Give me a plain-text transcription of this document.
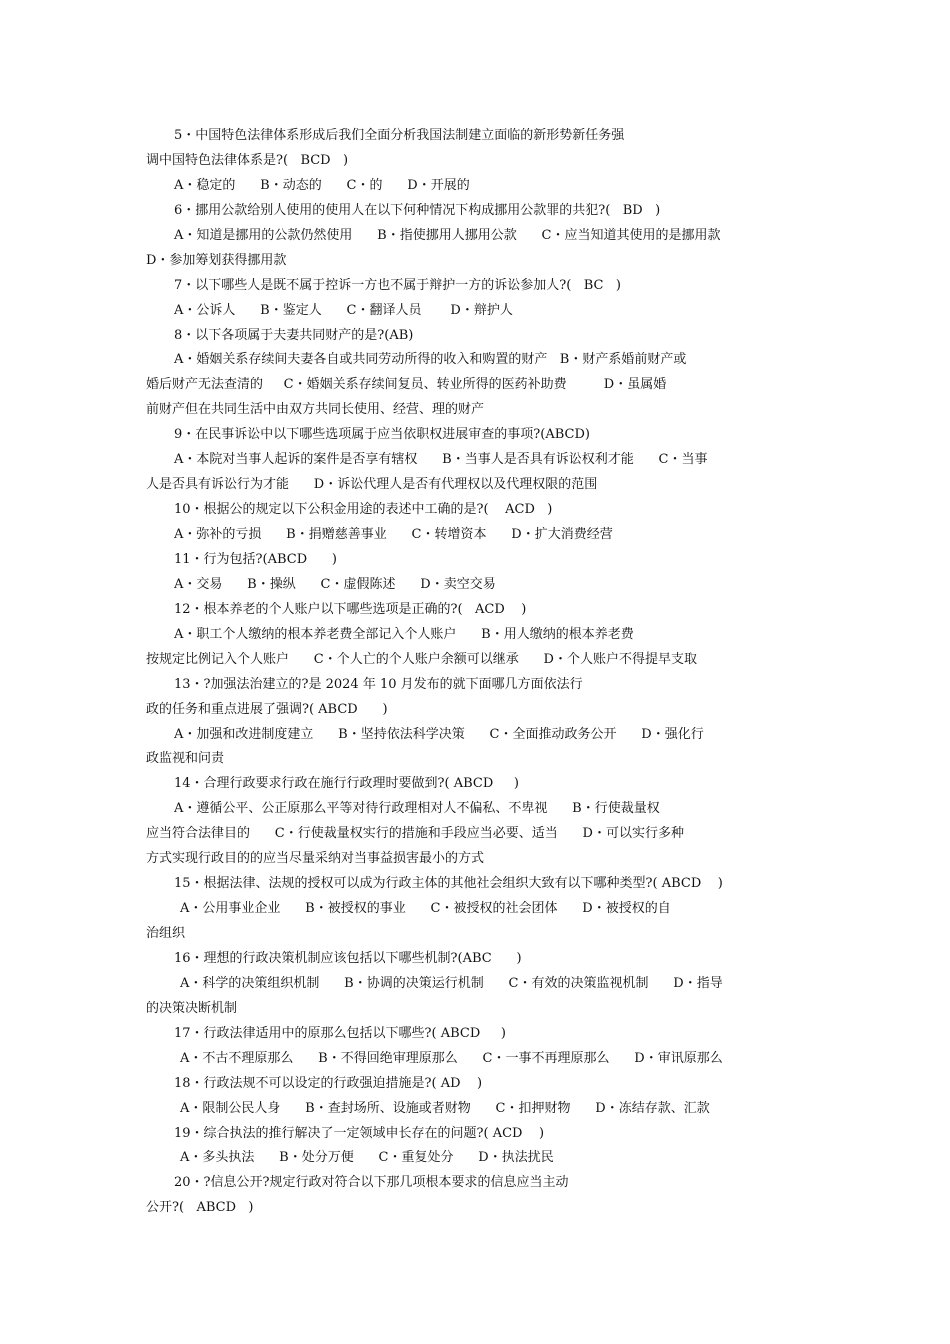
5・中国特色法律体系形成后我们全面分析我国法制建立面临的新形势新任务强
调中国特色法律体系是?(   BCD   )
A・稳定的      B・动态的      C・的      D・开展的
6・挪用公款给别人使用的使用人在以下何种情况下构成挪用公款罪的共犯?(   BD   )
A・知道是挪用的公款仍然使用      B・指使挪用人挪用公款      C・应当知道其使用的是挪用款
D・参加筹划获得挪用款
7・以下哪些人是既不属于控诉一方也不属于辩护一方的诉讼参加人?(   BC   )
A・公诉人      B・鉴定人      C・翻译人员       D・辩护人
8・以下各项属于夫妻共同财产的是?(AB)
A・婚姻关系存续间夫妻各自或共同劳动所得的收入和购置的财产   B・财产系婚前财产或
婚后财产无法查清的     C・婚姻关系存续间复员、转业所得的医药补助费         D・虽属婚
前财产但在共同生活中由双方共同长使用、经营、理的财产
9・在民事诉讼中以下哪些选项属于应当依职权进展审查的事项?(ABCD)
A・本院对当事人起诉的案件是否享有辖权      B・当事人是否具有诉讼权利才能      C・当事
人是否具有诉讼行为才能      D・诉讼代理人是否有代理权以及代理权限的范围
10・根据公的规定以下公积金用途的表述中工确的是?(    ACD   )
A・弥补的亏损      B・捐赠慈善事业      C・转增资本      D・扩大消费经营
11・行为包括?(ABCD      )
A・交易      B・操纵      C・虚假陈述      D・卖空交易
12・根本养老的个人账户以下哪些选项是正确的?(   ACD    )
A・职工个人缴纳的根本养老费全部记入个人账户      B・用人缴纳的根本养老费
按规定比例记入个人账户      C・个人亡的个人账户余额可以继承      D・个人账户不得提早支取
13・?加强法治建立的?是 2024 年 10 月发布的就下面哪几方面依法行
政的任务和重点进展了强调?( ABCD      )
A・加强和改进制度建立      B・坚持依法科学决策      C・全面推动政务公开      D・强化行
政监视和问责
14・合理行政要求行政在施行行政理时要做到?( ABCD     )
A・遵循公平、公正原那么平等对待行政理相对人不偏私、不卑视      B・行使裁量权
应当符合法律目的      C・行使裁量权实行的措施和手段应当必要、适当      D・可以实行多种
方式实现行政目的的应当尽量采纳对当事益损害最小的方式
15・根据法律、法规的授权可以成为行政主体的其他社会组织大致有以下哪种类型?( ABCD    )
A・公用事业企业      B・被授权的事业      C・被授权的社会团体      D・被授权的自
治组织
16・理想的行政决策机制应该包括以下哪些机制?(ABC      )
A・科学的决策组织机制      B・协调的决策运行机制      C・有效的决策监视机制      D・指导
的决策决断机制
17・行政法律适用中的原那么包括以下哪些?( ABCD     )
A・不古不理原那么      B・不得回绝审理原那么      C・一事不再理原那么      D・审讯原那么
18・行政法规不可以设定的行政强迫措施是?( AD    )
A・限制公民人身      B・查封场所、设施或者财物      C・扣押财物      D・冻结存款、汇款
19・综合执法的推行解决了一定领域申长存在的问题?( ACD    )
A・多头执法      B・处分万便      C・重复处分      D・执法扰民
20・?信息公开?规定行政对符合以下那几项根本要求的信息应当主动
公开?(   ABCD   )
